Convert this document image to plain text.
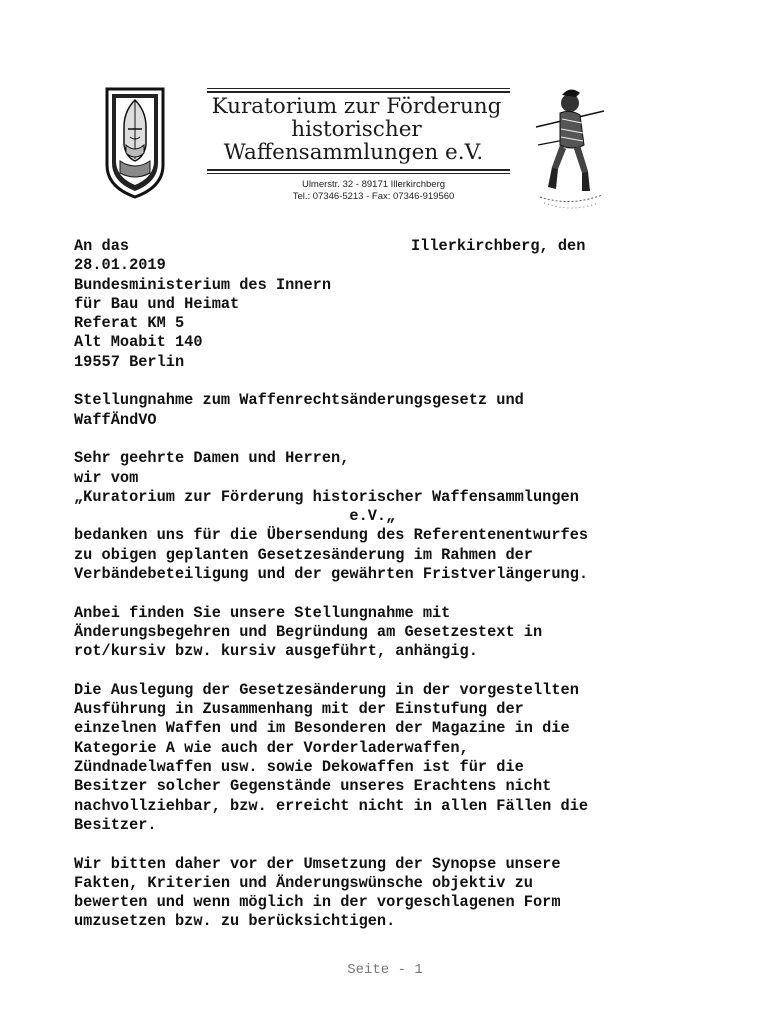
Kuratorium zur Förderung
historischer
Waffensammlungen e.V.
Ulmerstr. 32 - 89171 Illerkirchberg
Tel.: 07346-5213 - Fax: 07346-919560
An das	Illerkirchberg, den
28.01.2019
Bundesministerium des Innern
für Bau und Heimat
Referat KM 5
Alt Moabit 140
19557 Berlin
Stellungnahme zum Waffenrechtsänderungsgesetz und
WaffÄndVO
Sehr geehrte Damen und Herren,
wir vom
„Kuratorium zur Förderung historischer Waffensammlungen
e.V.„
bedanken uns für die Übersendung des Referentenentwurfes
zu obigen geplanten Gesetzesänderung im Rahmen der
Verbändebeteiligung und der gewährten Fristverlängerung.
Anbei finden Sie unsere Stellungnahme mit
Änderungsbegehren und Begründung am Gesetzestext in
rot/kursiv bzw. kursiv ausgeführt, anhängig.
Die Auslegung der Gesetzesänderung in der vorgestellten
Ausführung in Zusammenhang mit der Einstufung der
einzelnen Waffen und im Besonderen der Magazine in die
Kategorie A wie auch der Vorderladerwaffen,
Zündnadelwaffen usw. sowie Dekowaffen ist für die
Besitzer solcher Gegenstände unseres Erachtens nicht
nachvollziehbar, bzw. erreicht nicht in allen Fällen die
Besitzer.
Wir bitten daher vor der Umsetzung der Synopse unsere
Fakten, Kriterien und Änderungswünsche objektiv zu
bewerten und wenn möglich in der vorgeschlagenen Form
umzusetzen bzw. zu berücksichtigen.
Seite - 1
